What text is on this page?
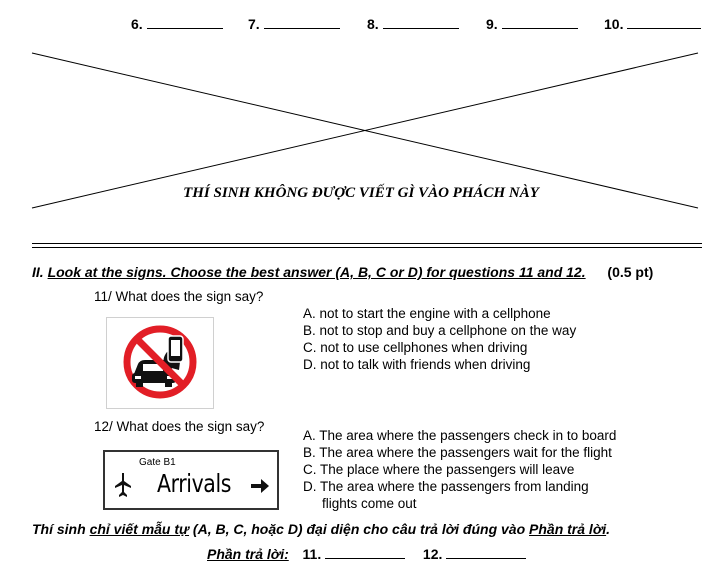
6.	7.	8.	9.	10.
THÍ SINH KHÔNG ĐƯỢC VIẾT GÌ VÀO PHÁCH NÀY
II. Look at the signs. Choose the best answer (A, B, C or D) for questions 11 and 12. (0.5 pt)
11/ What does the sign say?
A. not to start the engine with a cellphone
B. not to stop and buy a cellphone on the way
C. not to use cellphones when driving
D. not to talk with friends when driving
12/ What does the sign say?
Gate B1
Arrivals
A. The area where the passengers check in to board
B. The area where the passengers wait for the flight
C. The place where the passengers will leave
D. The area where the passengers from landing
flights come out
Thí sinh chỉ viết mẫu tự (A, B, C, hoặc D) đại diện cho câu trả lời đúng vào Phần trả lời.
Phần trả lời: 11.	12.
